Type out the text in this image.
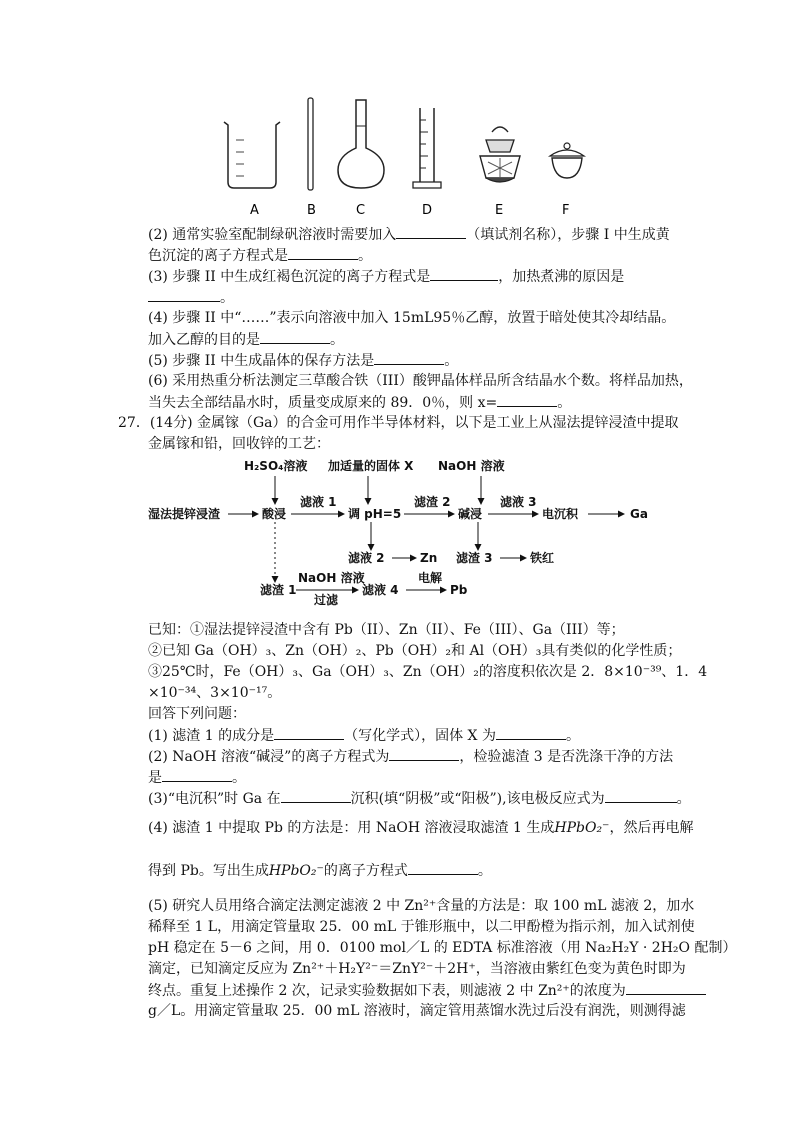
A	B	C	D	E	F
(2) 通常实验室配制绿矾溶液时需要加入	（填试剂名称），步骤 I 中生成黄
色沉淀的离子方程式是	。
(3) 步骤 II 中生成红褐色沉淀的离子方程式是	，加热煮沸的原因是
。
(4) 步骤 II 中“……”表示向溶液中加入 15mL95％乙醇，放置于暗处使其冷却结晶。
加入乙醇的目的是	。
(5) 步骤 II 中生成晶体的保存方法是	。
(6) 采用热重分析法测定三草酸合铁（III）酸钾晶体样品所含结晶水个数。将样品加热，
当失去全部结晶水时，质量变成原来的 89．0％，则 x=	。
27．(14分) 金属镓（Ga）的合金可用作半导体材料，以下是工业上从湿法提锌浸渣中提取
金属镓和铅，回收锌的工艺：
H₂SO₄溶液 加适量的固体 X NaOH 溶液
湿法提锌浸渣	酸浸
滤液 1
调 pH=5
滤渣 2
碱浸
滤液 3
电沉积	Ga
滤液 2	Zn 滤渣 3	铁红
滤渣 1
NaOH 溶液
过滤
滤液 4
电解
Pb
已知：①湿法提锌浸渣中含有 Pb（II）、Zn（II）、Fe（III）、Ga（III）等；
②已知 Ga（OH）₃、Zn（OH）₂、Pb（OH）₂和 Al（OH）₃具有类似的化学性质；
③25℃时，Fe（OH）₃、Ga（OH）₃、Zn（OH）₂的溶度积依次是 2．8×10⁻³⁹、1．4
×10⁻³⁴、3×10⁻¹⁷。
回答下列问题：
(1) 滤渣 1 的成分是	（写化学式），固体 X 为	。
(2) NaOH 溶液“碱浸”的离子方程式为	，检验滤渣 3 是否洗涤干净的方法
是	。
(3)“电沉积”时 Ga 在	沉积(填“阴极”或“阳极”),该电极反应式为	。
(4) 滤渣 1 中提取 Pb 的方法是：用 NaOH 溶液浸取滤渣 1 生成HPbO₂⁻，然后再电解
得到 Pb。写出生成HPbO₂⁻的离子方程式	。
(5) 研究人员用络合滴定法测定滤液 2 中 Zn²⁺含量的方法是：取 100 mL 滤液 2，加水
稀释至 1 L，用滴定管量取 25．00 mL 于锥形瓶中，以二甲酚橙为指示剂，加入试剂使
pH 稳定在 5－6 之间，用 0．0100 mol／L 的 EDTA 标准溶液（用 Na₂H₂Y · 2H₂O 配制）
滴定，已知滴定反应为 Zn²⁺＋H₂Y²⁻＝ZnY²⁻＋2H⁺，当溶液由紫红色变为黄色时即为
终点。重复上述操作 2 次，记录实验数据如下表，则滤液 2 中 Zn²⁺的浓度为
g／L。用滴定管量取 25．00 mL 溶液时，滴定管用蒸馏水洗过后没有润洗，则测得滤
